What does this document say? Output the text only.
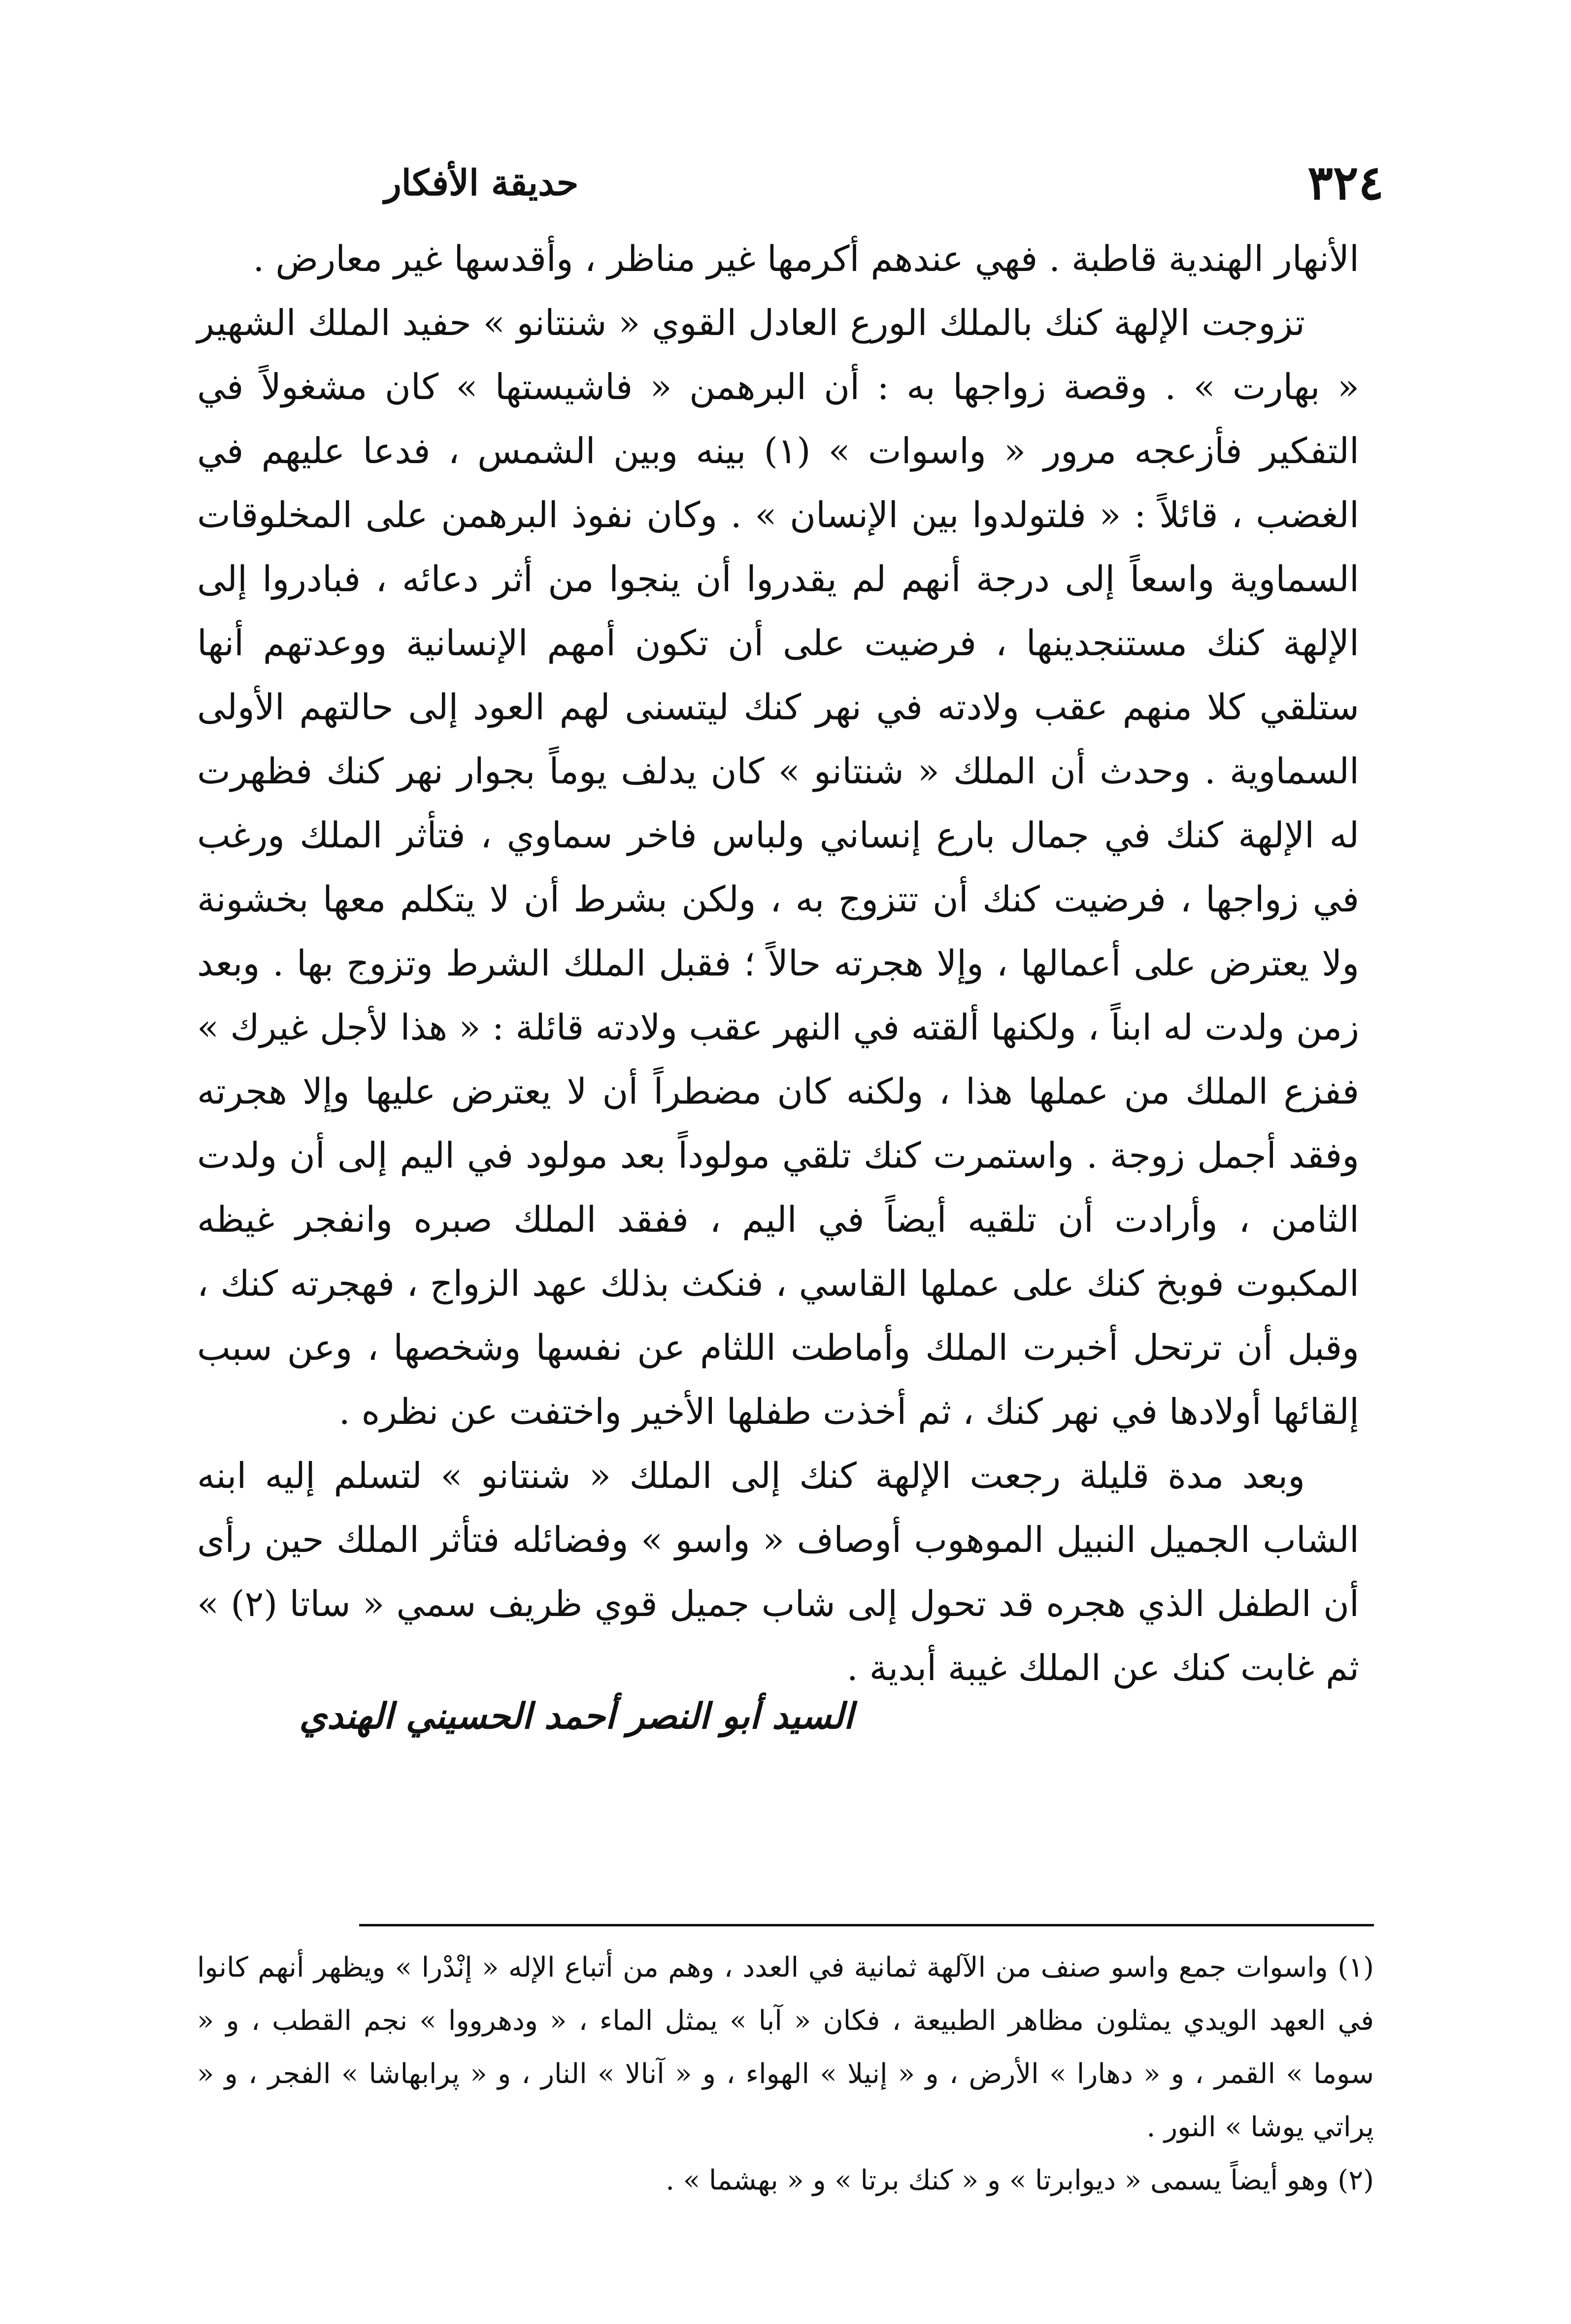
٣٢٤
حديقة الأفكار

الأنهار الهندية قاطبة . فهي عندهم أكرمها غير مناظر ، وأقدسها غير معارض .

تزوجت الإلهة كنك بالملك الورع العادل القوي « شنتانو » حفيد الملك الشهير « بهارت » . وقصة زواجها به : أن البرهمن « فاشيستها » كان مشغولاً في التفكير فأزعجه مرور « واسوات » (١) بينه وبين الشمس ، فدعا عليهم في الغضب ، قائلاً : « فلتولدوا بين الإنسان » . وكان نفوذ البرهمن على المخلوقات السماوية واسعاً إلى درجة أنهم لم يقدروا أن ينجوا من أثر دعائه ، فبادروا إلى الإلهة كنك مستنجدينها ، فرضيت على أن تكون أمهم الإنسانية ووعدتهم أنها ستلقي كلا منهم عقب ولادته في نهر كنك ليتسنى لهم العود إلى حالتهم الأولى السماوية . وحدث أن الملك « شنتانو » كان يدلف يوماً بجوار نهر كنك فظهرت له الإلهة كنك في جمال بارع إنساني ولباس فاخر سماوي ، فتأثر الملك ورغب في زواجها ، فرضيت كنك أن تتزوج به ، ولكن بشرط أن لا يتكلم معها بخشونة ولا يعترض على أعمالها ، وإلا هجرته حالاً ؛ فقبل الملك الشرط وتزوج بها . وبعد زمن ولدت له ابناً ، ولكنها ألقته في النهر عقب ولادته قائلة : « هذا لأجل غيرك » ففزع الملك من عملها هذا ، ولكنه كان مضطراً أن لا يعترض عليها وإلا هجرته وفقد أجمل زوجة . واستمرت كنك تلقي مولوداً بعد مولود في اليم إلى أن ولدت الثامن ، وأرادت أن تلقيه أيضاً في اليم ، ففقد الملك صبره وانفجر غيظه المكبوت فوبخ كنك على عملها القاسي ، فنكث بذلك عهد الزواج ، فهجرته كنك ، وقبل أن ترتحل أخبرت الملك وأماطت اللثام عن نفسها وشخصها ، وعن سبب إلقائها أولادها في نهر كنك ، ثم أخذت طفلها الأخير واختفت عن نظره .

وبعد مدة قليلة رجعت الإلهة كنك إلى الملك « شنتانو » لتسلم إليه ابنه الشاب الجميل النبيل الموهوب أوصاف « واسو » وفضائله فتأثر الملك حين رأى أن الطفل الذي هجره قد تحول إلى شاب جميل قوي ظريف سمي « ساتا (٢) » ثم غابت كنك عن الملك غيبة أبدية .

السيد أبو النصر أحمد الحسيني الهندي

(١) واسوات جمع واسو صنف من الآلهة ثمانية في العدد ، وهم من أتباع الإله « إنْدْرا » ويظهر أنهم كانوا في العهد الويدي يمثلون مظاهر الطبيعة ، فكان « آبا » يمثل الماء ، « ودهرووا » نجم القطب ، و « سوما » القمر ، و « دهارا » الأرض ، و « إنيلا » الهواء ، و « آنالا » النار ، و « پرابهاشا » الفجر ، و « پراتي يوشا » النور .

(٢) وهو أيضاً يسمى « ديوابرتا » و « كنك برتا » و « بهشما » .
